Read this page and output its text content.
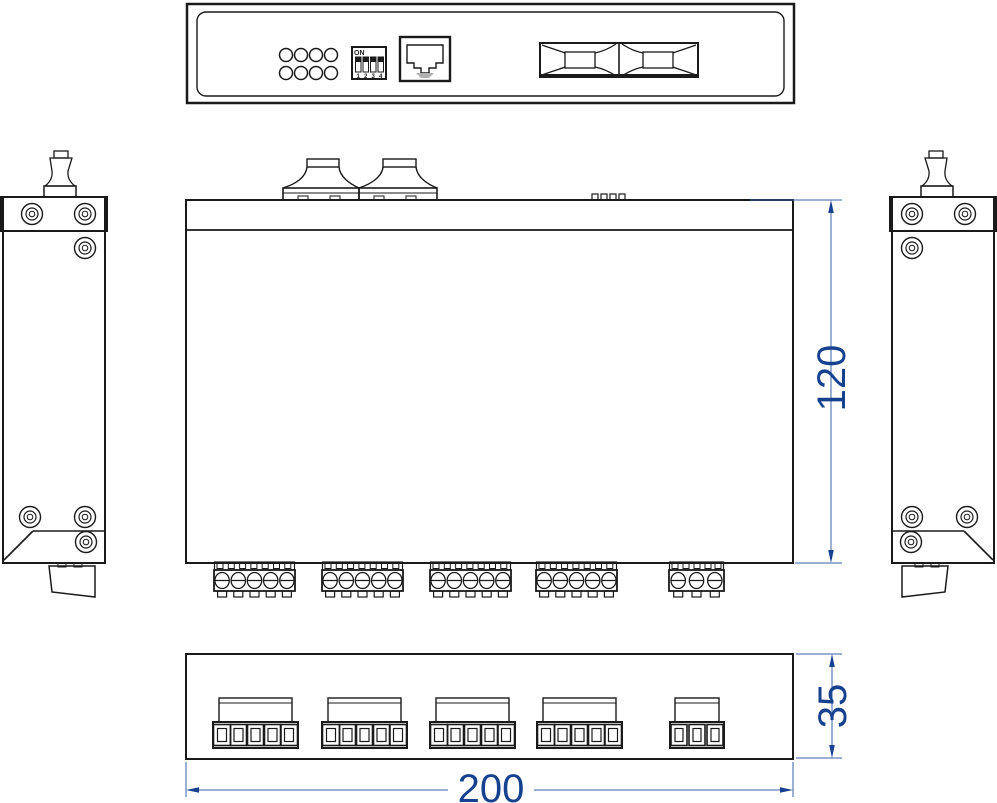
ON
1 2 3 4
120
35
200
